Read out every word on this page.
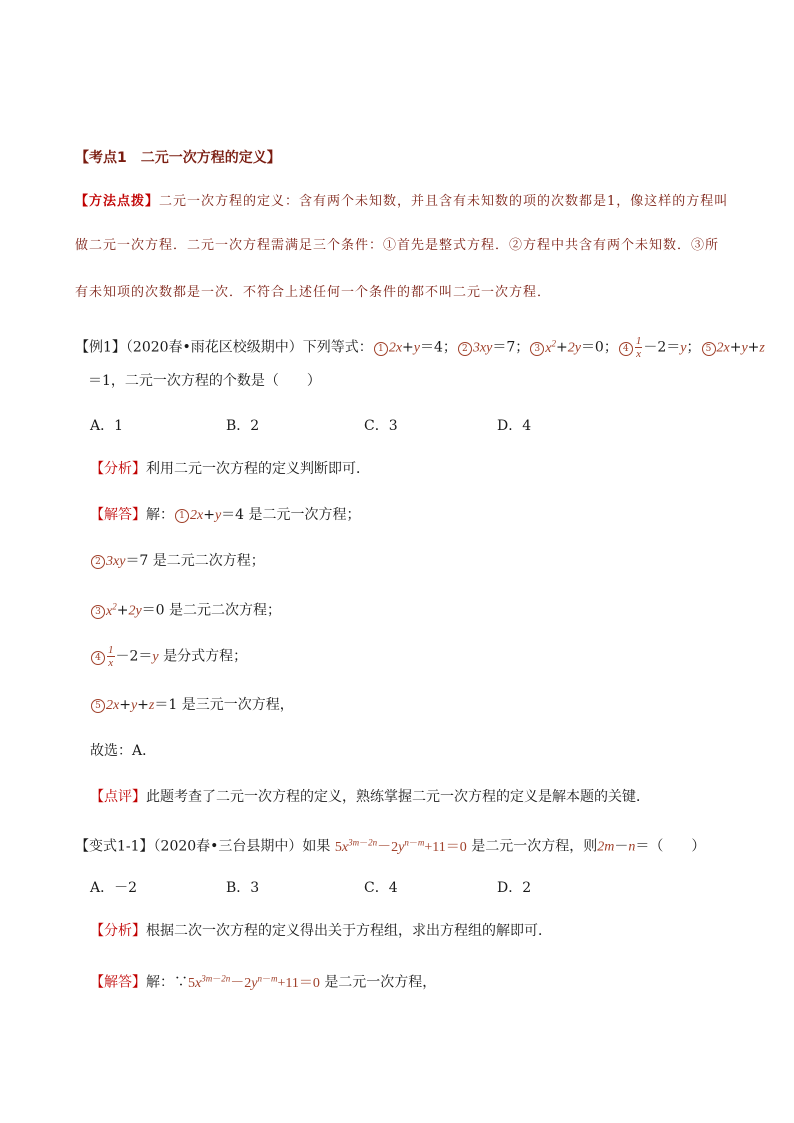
【考点1　二元一次方程的定义】
【方法点拨】二元一次方程的定义：含有两个未知数，并且含有未知数的项的次数都是1，像这样的方程叫
做二元一次方程．二元一次方程需满足三个条件：①首先是整式方程．②方程中共含有两个未知数．③所
有未知项的次数都是一次．不符合上述任何一个条件的都不叫二元一次方程．
【例1】（2020春•雨花区校级期中）下列等式： 1 2x+y＝4； 2 3xy＝7； 3 $x^2+2y=0$； $4 \frac{1}{x} -2=y$； 5 2x+y+z
＝1，二元一次方程的个数是（　　）
A．1	B．2	C．3	D．4
【分析】利用二元一次方程的定义判断即可．
【解答】解： 1 2x+y＝4 是二元一次方程；
2 3xy＝7 是二元二次方程；
3 $x^2+2y=0$ 是二元二次方程；
$4 \frac{1}{x} -2=y$ 是分式方程；
5 2x+y+z＝1 是三元一次方程，
故选：A．
【点评】此题考查了二元一次方程的定义，熟练掌握二元一次方程的定义是解本题的关键．
【变式1-1】（2020春•三台县期中）如果 $5x^{3m-2n}-2y^{n-m}+11=0$ 是二元一次方程，则2m－n＝（　　）
A．－2	B．3	C．4	D．2
【分析】根据二次一次方程的定义得出关于方程组，求出方程组的解即可．
【解答】解：$\because 5x^{3m-2n}-2y^{n-m}+11=0$ 是二元一次方程，
